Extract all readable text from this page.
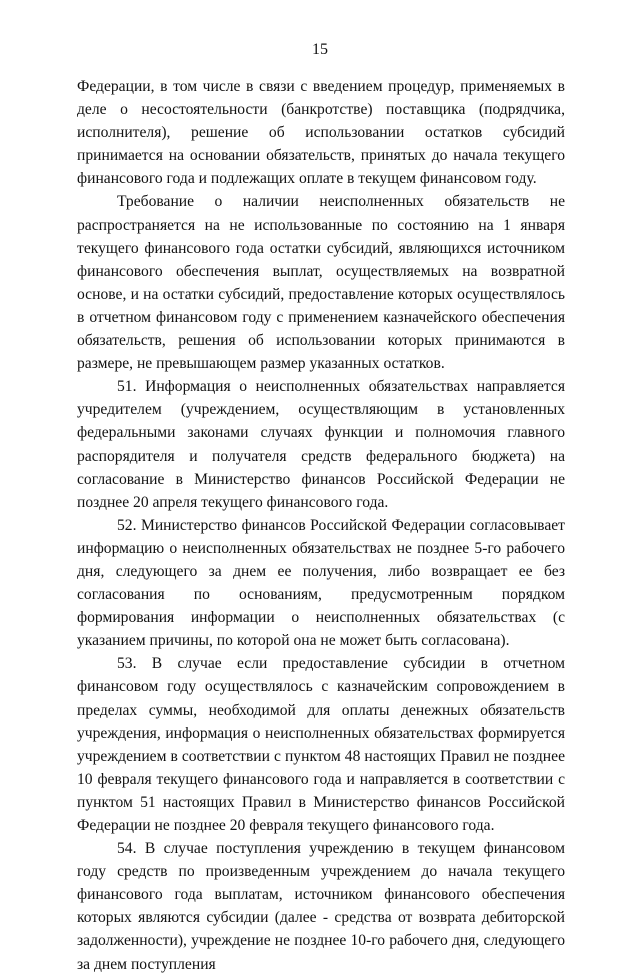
15

Федерации, в том числе в связи с введением процедур, применяемых в деле о несостоятельности (банкротстве) поставщика (подрядчика, исполнителя), решение об использовании остатков субсидий принимается на основании обязательств, принятых до начала текущего финансового года и подлежащих оплате в текущем финансовом году.

Требование о наличии неисполненных обязательств не распространяется на не использованные по состоянию на 1 января текущего финансового года остатки субсидий, являющихся источником финансового обеспечения выплат, осуществляемых на возвратной основе, и на остатки субсидий, предоставление которых осуществлялось в отчетном финансовом году с применением казначейского обеспечения обязательств, решения об использовании которых принимаются в размере, не превышающем размер указанных остатков.

51. Информация о неисполненных обязательствах направляется учредителем (учреждением, осуществляющим в установленных федеральными законами случаях функции и полномочия главного распорядителя и получателя средств федерального бюджета) на согласование в Министерство финансов Российской Федерации не позднее 20 апреля текущего финансового года.

52. Министерство финансов Российской Федерации согласовывает информацию о неисполненных обязательствах не позднее 5-го рабочего дня, следующего за днем ее получения, либо возвращает ее без согласования по основаниям, предусмотренным порядком формирования информации о неисполненных обязательствах (с указанием причины, по которой она не может быть согласована).

53. В случае если предоставление субсидии в отчетном финансовом году осуществлялось с казначейским сопровождением в пределах суммы, необходимой для оплаты денежных обязательств учреждения, информация о неисполненных обязательствах формируется учреждением в соответствии с пунктом 48 настоящих Правил не позднее 10 февраля текущего финансового года и направляется в соответствии с пунктом 51 настоящих Правил в Министерство финансов Российской Федерации не позднее 20 февраля текущего финансового года.

54. В случае поступления учреждению в текущем финансовом году средств по произведенным учреждением до начала текущего финансового года выплатам, источником финансового обеспечения которых являются субсидии (далее - средства от возврата дебиторской задолженности), учреждение не позднее 10-го рабочего дня, следующего за днем поступления
